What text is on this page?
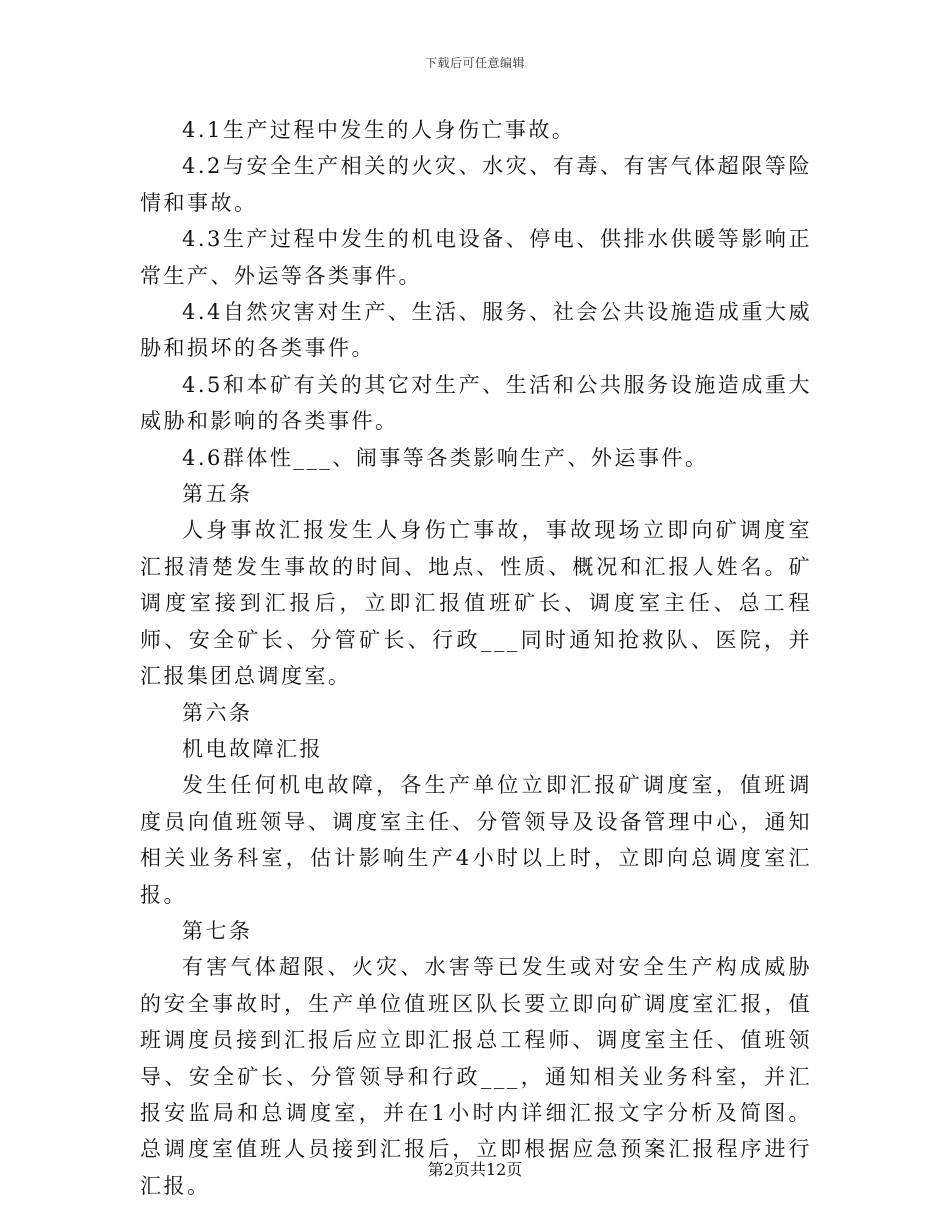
下载后可任意编辑

4.1生产过程中发生的人身伤亡事故。

4.2与安全生产相关的火灾、水灾、有毒、有害气体超限等险情和事故。

4.3生产过程中发生的机电设备、停电、供排水供暖等影响正常生产、外运等各类事件。

4.4自然灾害对生产、生活、服务、社会公共设施造成重大威胁和损坏的各类事件。

4.5和本矿有关的其它对生产、生活和公共服务设施造成重大威胁和影响的各类事件。

4.6群体性___、闹事等各类影响生产、外运事件。

第五条

人身事故汇报发生人身伤亡事故，事故现场立即向矿调度室汇报清楚发生事故的时间、地点、性质、概况和汇报人姓名。矿调度室接到汇报后，立即汇报值班矿长、调度室主任、总工程师、安全矿长、分管矿长、行政___同时通知抢救队、医院，并汇报集团总调度室。

第六条

机电故障汇报

发生任何机电故障，各生产单位立即汇报矿调度室，值班调度员向值班领导、调度室主任、分管领导及设备管理中心，通知相关业务科室，估计影响生产4小时以上时，立即向总调度室汇报。

第七条

有害气体超限、火灾、水害等已发生或对安全生产构成威胁的安全事故时，生产单位值班区队长要立即向矿调度室汇报，值班调度员接到汇报后应立即汇报总工程师、调度室主任、值班领导、安全矿长、分管领导和行政___，通知相关业务科室，并汇报安监局和总调度室，并在1小时内详细汇报文字分析及简图。总调度室值班人员接到汇报后，立即根据应急预案汇报程序进行汇报。

第2页共12页
